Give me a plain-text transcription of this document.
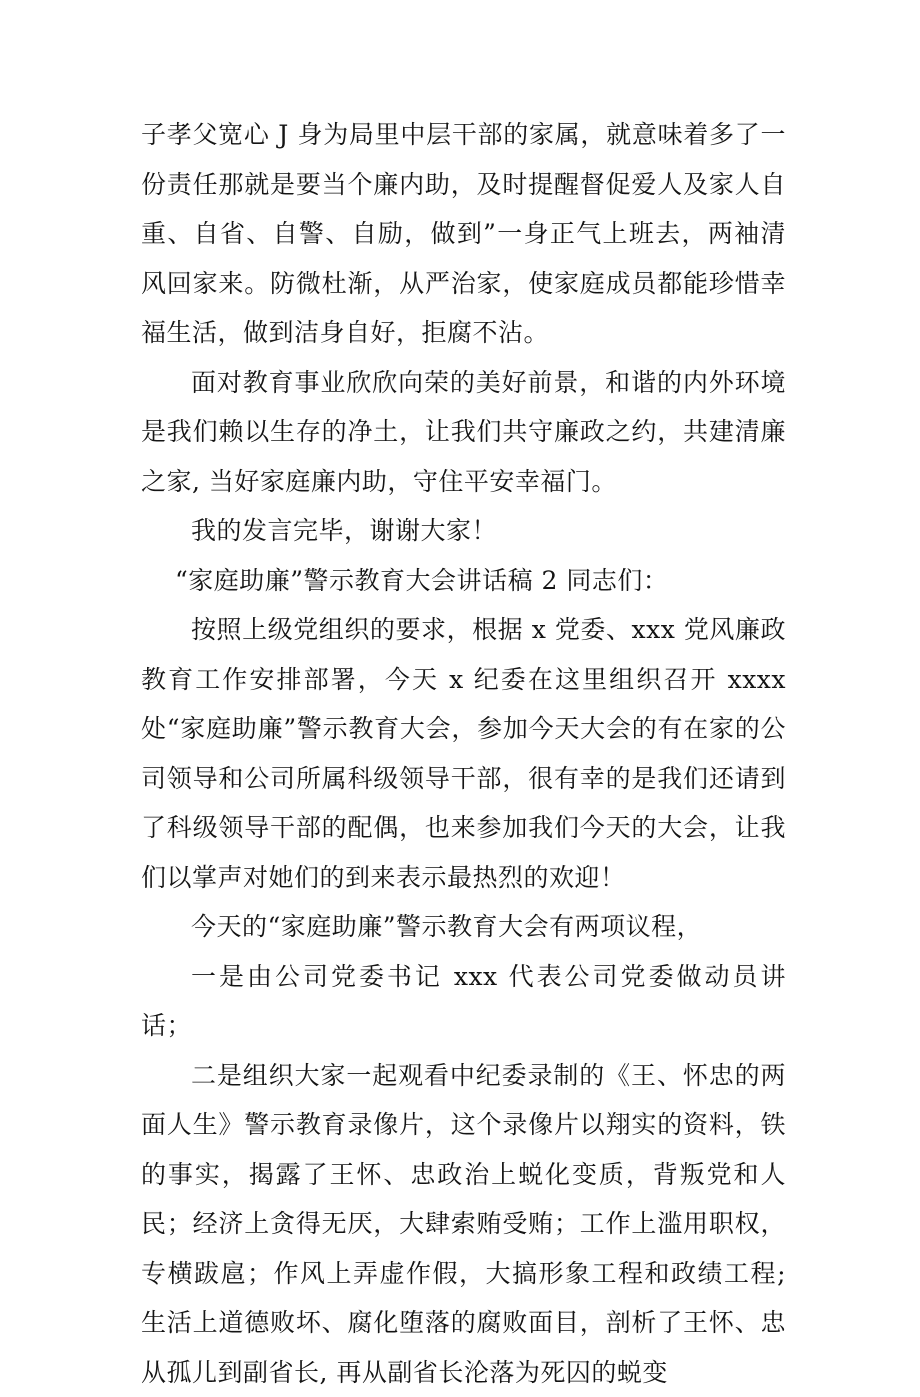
子孝父宽心 J 身为局里中层干部的家属，就意味着多了一份责任那就是要当个廉内助，及时提醒督促爱人及家人自重、自省、自警、自励，做到”一身正气上班去，两袖清风回家来。防微杜渐，从严治家，使家庭成员都能珍惜幸福生活，做到洁身自好，拒腐不沾。

面对教育事业欣欣向荣的美好前景，和谐的内外环境是我们赖以生存的净土，让我们共守廉政之约，共建清廉之家, 当好家庭廉内助，守住平安幸福门。

我的发言完毕，谢谢大家！

“家庭助廉”警示教育大会讲话稿 2 同志们：

按照上级党组织的要求，根据 x 党委、xxx 党风廉政教育工作安排部署，今天 x 纪委在这里组织召开 xxxx 处“家庭助廉”警示教育大会，参加今天大会的有在家的公司领导和公司所属科级领导干部，很有幸的是我们还请到了科级领导干部的配偶，也来参加我们今天的大会，让我们以掌声对她们的到来表示最热烈的欢迎！

今天的“家庭助廉”警示教育大会有两项议程，

一是由公司党委书记 xxx 代表公司党委做动员讲话；

二是组织大家一起观看中纪委录制的《王、怀忠的两面人生》警示教育录像片，这个录像片以翔实的资料，铁的事实，揭露了王怀、忠政治上蜕化变质，背叛党和人民；经济上贪得无厌，大肆索贿受贿；工作上滥用职权，专横跋扈；作风上弄虚作假，大搞形象工程和政绩工程; 生活上道德败坏、腐化堕落的腐败面目，剖析了王怀、忠从孤儿到副省长, 再从副省长沦落为死囚的蜕变
